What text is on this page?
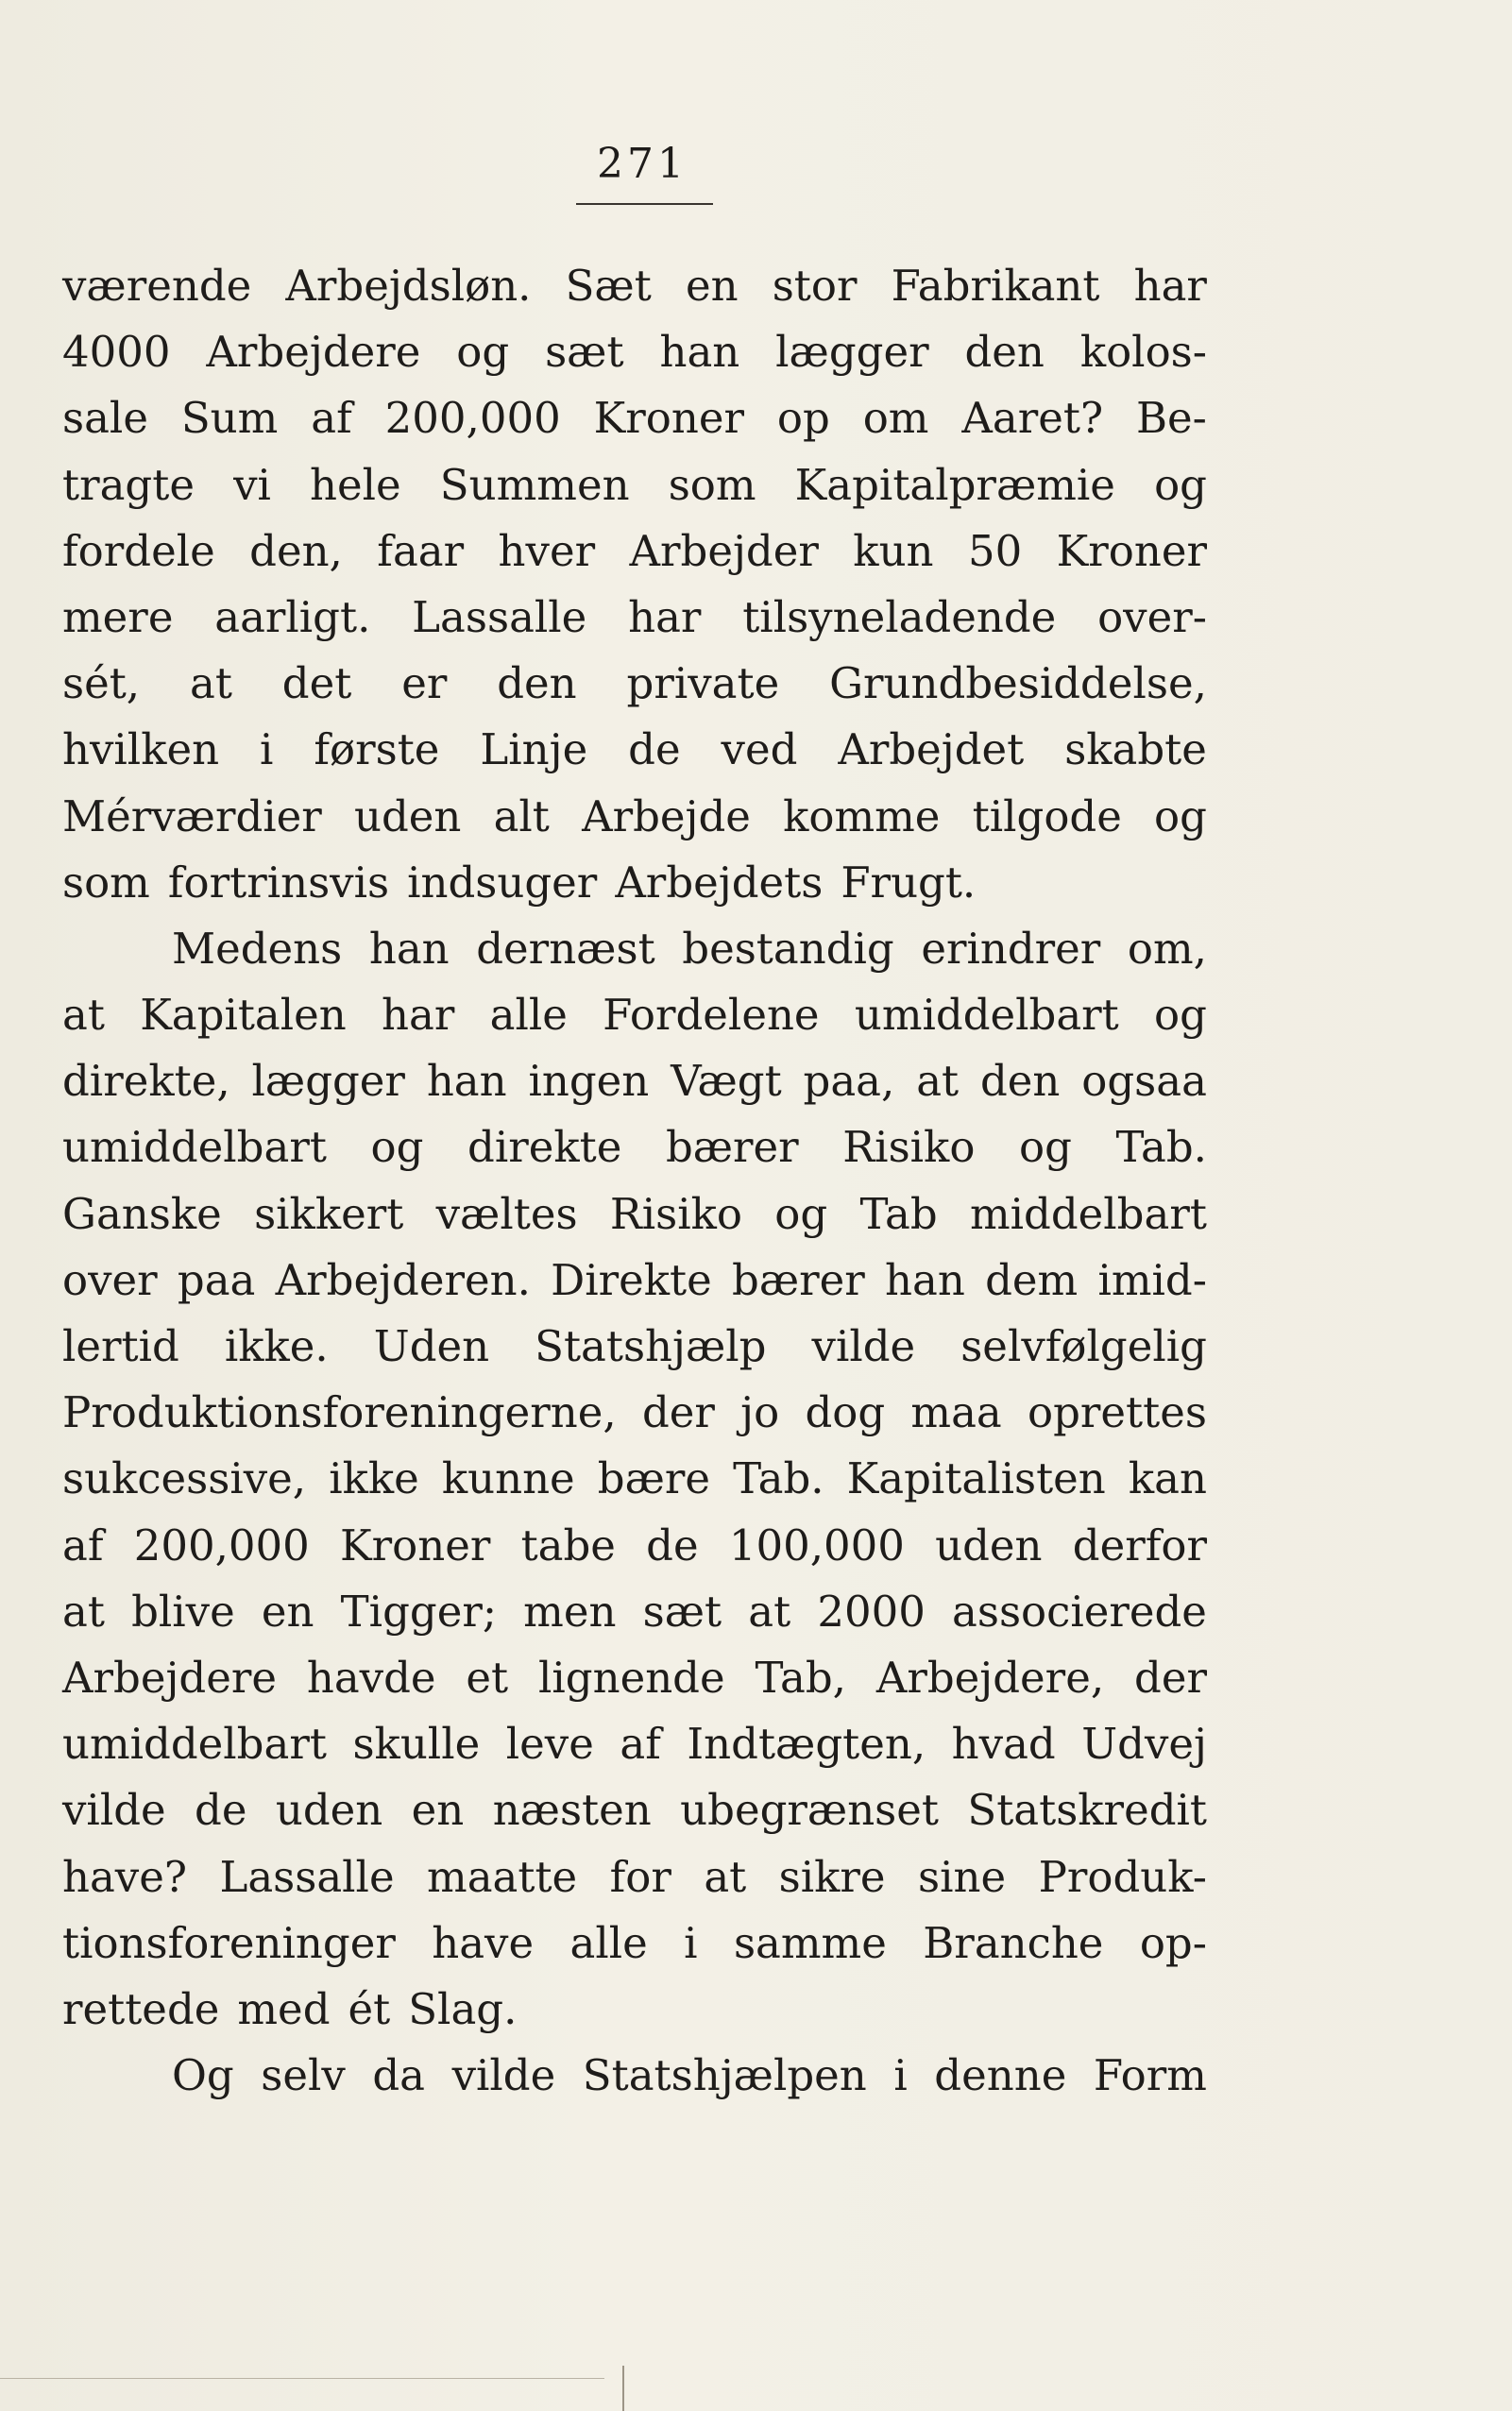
271
værende Arbejdsløn. Sæt en stor Fabrikant har
4000 Arbejdere og sæt han lægger den kolos-
sale Sum af 200,000 Kroner op om Aaret? Be-
tragte vi hele Summen som Kapitalpræmie og
fordele den, faar hver Arbejder kun 50 Kroner
mere aarligt. Lassalle har tilsyneladende over-
sét, at det er den private Grundbesiddelse,
hvilken i første Linje de ved Arbejdet skabte
Mérværdier uden alt Arbejde komme tilgode og
som fortrinsvis indsuger Arbejdets Frugt.
Medens han dernæst bestandig erindrer om,
at Kapitalen har alle Fordelene umiddelbart og
direkte, lægger han ingen Vægt paa, at den ogsaa
umiddelbart og direkte bærer Risiko og Tab.
Ganske sikkert væltes Risiko og Tab middelbart
over paa Arbejderen. Direkte bærer han dem imid-
lertid ikke. Uden Statshjælp vilde selvfølgelig
Produktionsforeningerne, der jo dog maa oprettes
sukcessive, ikke kunne bære Tab. Kapitalisten kan
af 200,000 Kroner tabe de 100,000 uden derfor
at blive en Tigger; men sæt at 2000 associerede
Arbejdere havde et lignende Tab, Arbejdere, der
umiddelbart skulle leve af Indtægten, hvad Udvej
vilde de uden en næsten ubegrænset Statskredit
have? Lassalle maatte for at sikre sine Produk-
tionsforeninger have alle i samme Branche op-
rettede med ét Slag.
Og selv da vilde Statshjælpen i denne Form
